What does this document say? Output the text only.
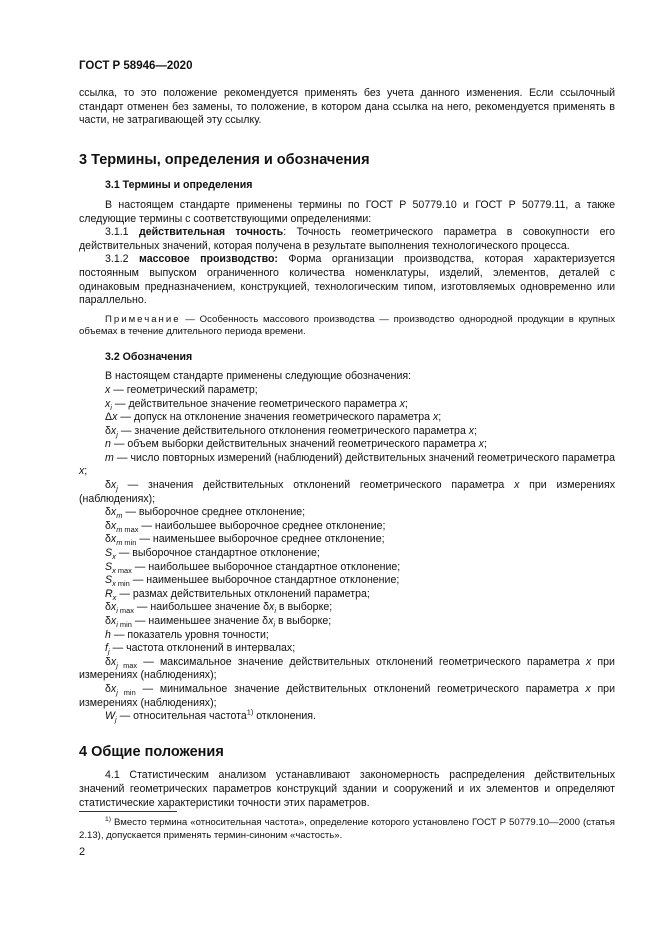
ГОСТ Р 58946—2020

ссылка, то это положение рекомендуется применять без учета данного изменения. Если ссылочный стандарт отменен без замены, то положение, в котором дана ссылка на него, рекомендуется применять в части, не затрагивающей эту ссылку.

3 Термины, определения и обозначения

3.1 Термины и определения

В настоящем стандарте применены термины по ГОСТ Р 50779.10 и ГОСТ Р 50779.11, а также следующие термины с соответствующими определениями:

3.1.1 действительная точность: Точность геометрического параметра в совокупности его действительных значений, которая получена в результате выполнения технологического процесса.

3.1.2 массовое производство: Форма организации производства, которая характеризуется постоянным выпуском ограниченного количества номенклатуры, изделий, элементов, деталей с одинаковым предназначением, конструкцией, технологическим типом, изготовляемых одновременно или параллельно.

Примечание — Особенность массового производства — производство однородной продукции в крупных объемах в течение длительного периода времени.

3.2 Обозначения

В настоящем стандарте применены следующие обозначения:

x — геометрический параметр;

$x_i$ — действительное значение геометрического параметра x;

Δx — допуск на отклонение значения геометрического параметра x;

$\delta x_j$ — значение действительного отклонения геометрического параметра x;

n — объем выборки действительных значений геометрического параметра x;

m — число повторных измерений (наблюдений) действительных значений геометрического параметра x;

$\delta x_j$ — значения действительных отклонений геометрического параметра x при измерениях (наблюдениях);

$\delta x_m$ — выборочное среднее отклонение;

$\delta x_m$ $_{max}$ — наибольшее выборочное среднее отклонение;

$\delta x_m$ $_{min}$ — наименьшее выборочное среднее отклонение;

$S_x$ — выборочное стандартное отклонение;

$S_x$ $_{max}$ — наибольшее выборочное стандартное отклонение;

$S_x$ $_{min}$ — наименьшее выборочное стандартное отклонение;

$R_x$ — размах действительных отклонений параметра;

$\delta x_i$ $_{max}$ — наибольшее значение $\delta x_i$ в выборке;

$\delta x_i$ $_{min}$ — наименьшее значение $\delta x_i$ в выборке;

h — показатель уровня точности;

$f_j$ — частота отклонений в интервалах;

$\delta x_j$ $_{max}$ — максимальное значение действительных отклонений геометрического параметра x при измерениях (наблюдениях);

$\delta x_j$ $_{min}$ — минимальное значение действительных отклонений геометрического параметра x при измерениях (наблюдениях);

$W_j$ — относительная частота$^{1)}$ отклонения.

4 Общие положения

4.1 Статистическим анализом устанавливают закономерность распределения действительных значений геометрических параметров конструкций здании и сооружений и их элементов и определяют статистические характеристики точности этих параметров.

$^{1)}$ Вместо термина «относительная частота», определение которого установлено ГОСТ Р 50779.10—2000 (статья 2.13), допускается применять термин-синоним «частость».
2
